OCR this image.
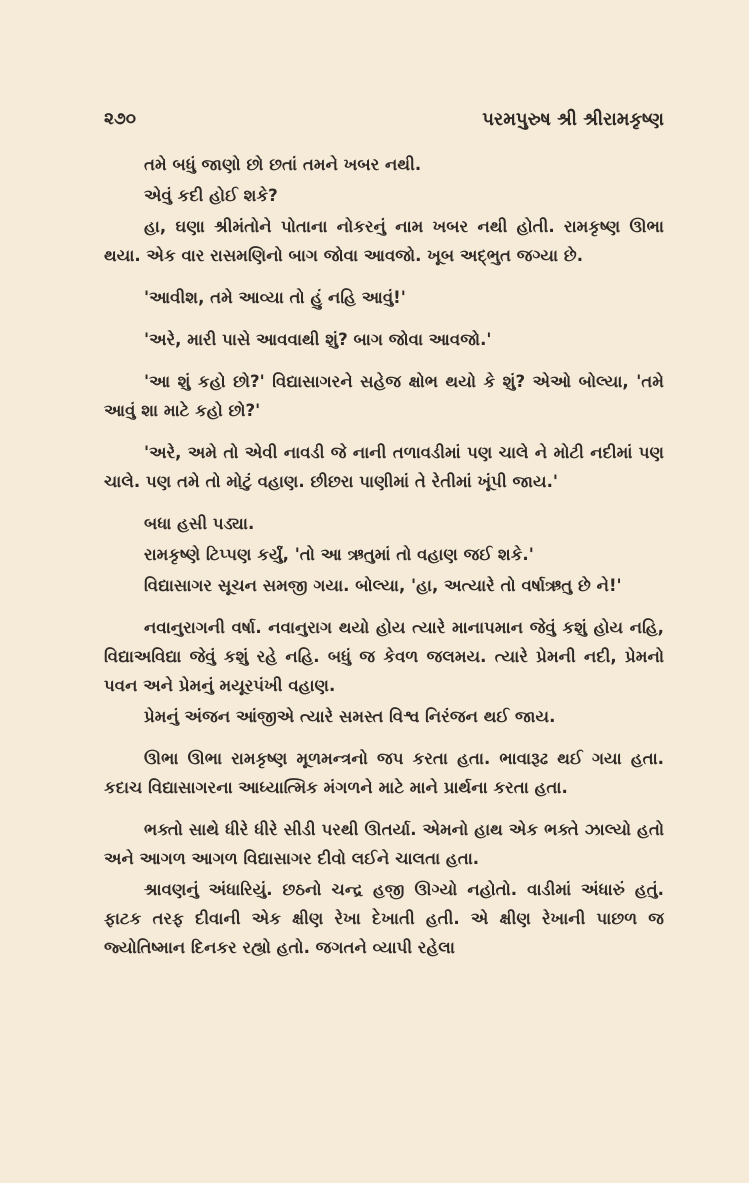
૨૭૦	પરમપુરુષ શ્રી શ્રીરામકૃષ્ણ

તમે બધું જાણો છો છતાં તમને ખબર નથી.

એવું કદી હોઈ શકે?

હા, ઘણા શ્રીમંતોને પોતાના નોકરનું નામ ખબર નથી હોતી. રામકૃષ્ણ ઊભા થયા. એક વાર રાસમણિનો બાગ જોવા આવજો. ખૂબ અદ્ભુત જગ્યા છે.

'આવીશ, તમે આવ્યા તો હું નહિ આવું!'

'અરે, મારી પાસે આવવાથી શું? બાગ જોવા આવજો.'

'આ શું કહો છો?' વિદ્યાસાગરને સહેજ ક્ષોભ થયો કે શું? એઓ બોલ્યા, 'તમે આવું શા માટે કહો છો?'

'અરે, અમે તો એવી નાવડી જે નાની તળાવડીમાં પણ ચાલે ને મોટી નદીમાં પણ ચાલે. પણ તમે તો મોટું વહાણ. છીછરા પાણીમાં તે રેતીમાં ખૂંપી જાય.'

બધા હસી પડ્યા.

રામકૃષ્ણે ટિપ્પણ કર્યું, 'તો આ ઋતુમાં તો વહાણ જઈ શકે.'

વિદ્યાસાગર સૂચન સમજી ગયા. બોલ્યા, 'હા, અત્યારે તો વર્ષાઋતુ છે ને!'

નવાનુરાગની વર્ષા. નવાનુરાગ થયો હોય ત્યારે માનાપમાન જેવું કશું હોય નહિ, વિદ્યાઅવિદ્યા જેવું કશું રહે નહિ. બધું જ કેવળ જલમય. ત્યારે પ્રેમની નદી, પ્રેમનો પવન અને પ્રેમનું મયૂરપંખી વહાણ.

પ્રેમનું અંજન આંજીએ ત્યારે સમસ્ત વિશ્વ નિરંજન થઈ જાય.

ઊભા ઊભા રામકૃષ્ણ મૂળમન્ત્રનો જપ કરતા હતા. ભાવારૂઢ થઈ ગયા હતા. કદાચ વિદ્યાસાગરના આધ્યાત્મિક મંગળને માટે માને પ્રાર્થના કરતા હતા.

ભક્તો સાથે ધીરે ધીરે સીડી પરથી ઊતર્યા. એમનો હાથ એક ભક્તે ઝાલ્યો હતો અને આગળ આગળ વિદ્યાસાગર દીવો લઈને ચાલતા હતા.

શ્રાવણનું અંધારિયું. છઠનો ચન્દ્ર હજી ઊગ્યો નહોતો. વાડીમાં અંધારું હતું. ફાટક તરફ દીવાની એક ક્ષીણ રેખા દેખાતી હતી. એ ક્ષીણ રેખાની પાછળ જ જ્યોતિષ્માન દિનકર રહ્યો હતો. જગતને વ્યાપી રહેલા
